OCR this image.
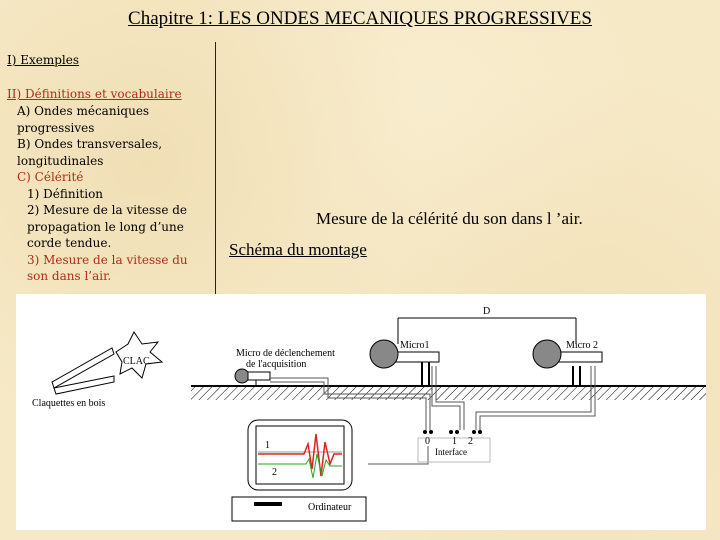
Chapitre 1: LES ONDES MECANIQUES PROGRESSIVES
I) Exemples
II) Définitions et vocabulaire
A) Ondes mécaniques progressives
B) Ondes transversales, longitudinales
C) Célérité
1) Définition
2) Mesure de la vitesse de propagation le long d’une corde tendue.
3) Mesure de la vitesse du son dans l’air.
Mesure de la célérité du son dans l ’air.
Schéma du montage
D
Micro1	Micro 2
Micro de déclenchement
de l'acquisition
CLAC
Claquettes en bois
0 1 2
Interface
1
2
Ordinateur
